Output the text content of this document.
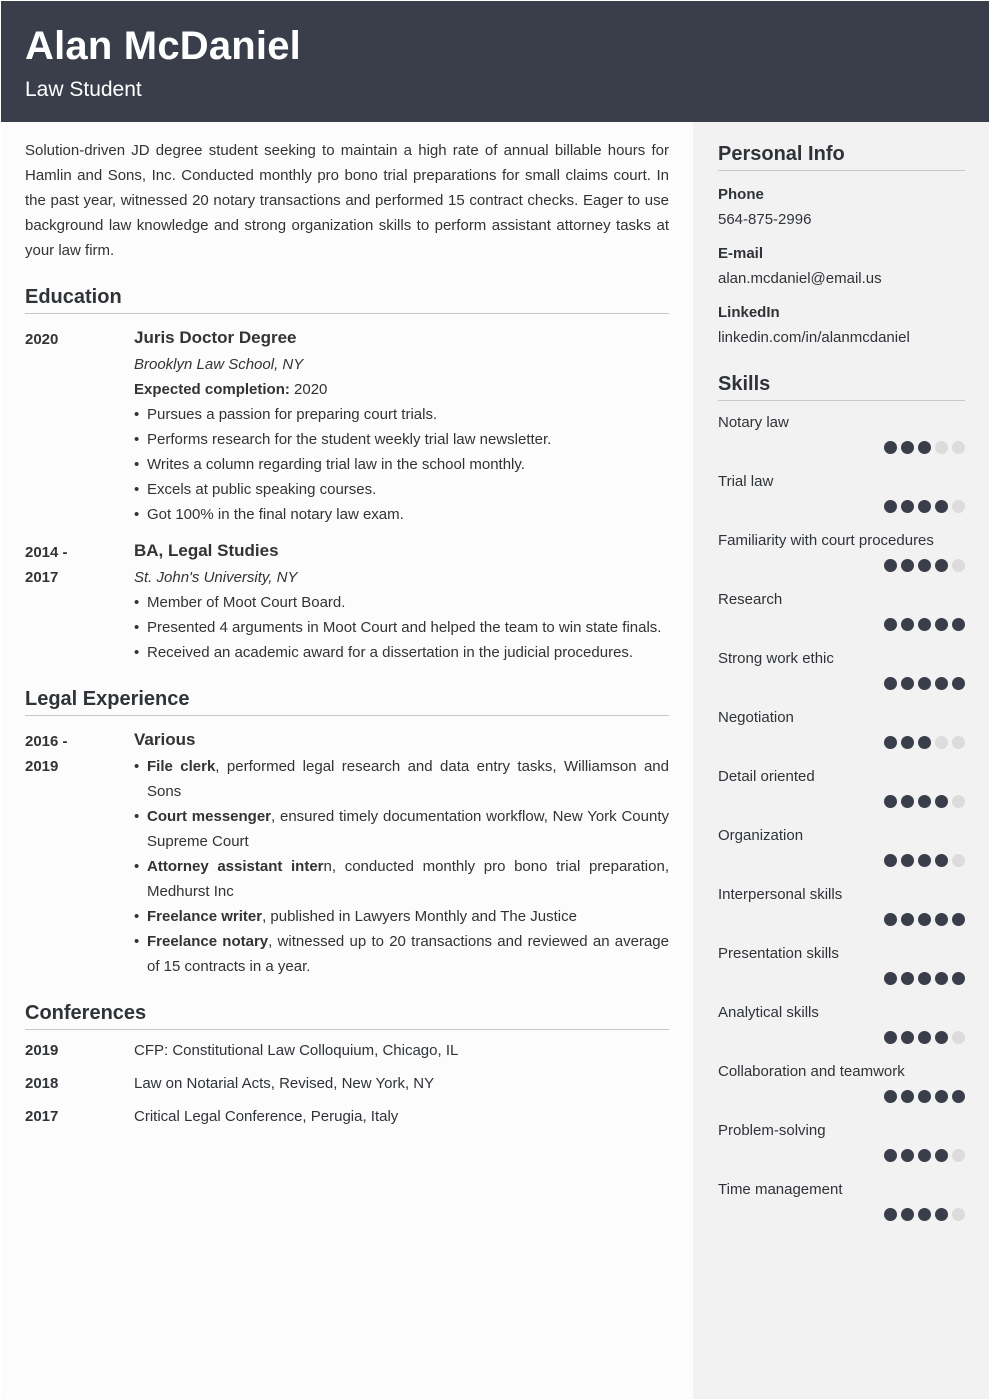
Alan McDaniel
Law Student

Solution-driven JD degree student seeking to maintain a high rate of annual billable hours for Hamlin and Sons, Inc. Conducted monthly pro bono trial preparations for small claims court. In the past year, witnessed 20 notary transactions and performed 15 contract checks. Eager to use background law knowledge and strong organization skills to perform assistant attorney tasks at your law firm.

Education
2020	Juris Doctor Degree
Brooklyn Law School, NY
Expected completion: 2020
• Pursues a passion for preparing court trials.
• Performs research for the student weekly trial law newsletter.
• Writes a column regarding trial law in the school monthly.
• Excels at public speaking courses.
• Got 100% in the final notary law exam.
2014 - 2017
BA, Legal Studies
St. John's University, NY
• Member of Moot Court Board.
• Presented 4 arguments in Moot Court and helped the team to win state finals.
• Received an academic award for a dissertation in the judicial procedures.
Legal Experience
2016 - 2019
Various
• File clerk, performed legal research and data entry tasks, Williamson and Sons
• Court messenger, ensured timely documentation workflow, New York County Supreme Court
• Attorney assistant intern, conducted monthly pro bono trial preparation, Medhurst Inc
• Freelance writer, published in Lawyers Monthly and The Justice
• Freelance notary, witnessed up to 20 transactions and reviewed an average of 15 contracts in a year.
Conferences
2019	CFP: Constitutional Law Colloquium, Chicago, IL
2018	Law on Notarial Acts, Revised, New York, NY
2017	Critical Legal Conference, Perugia, Italy
Personal Info
Phone
564-875-2996
E-mail
alan.mcdaniel@email.us
LinkedIn
linkedin.com/in/alanmcdaniel
Skills
Notary law
Trial law
Familiarity with court procedures
Research
Strong work ethic
Negotiation
Detail oriented
Organization
Interpersonal skills
Presentation skills
Analytical skills
Collaboration and teamwork
Problem-solving
Time management
